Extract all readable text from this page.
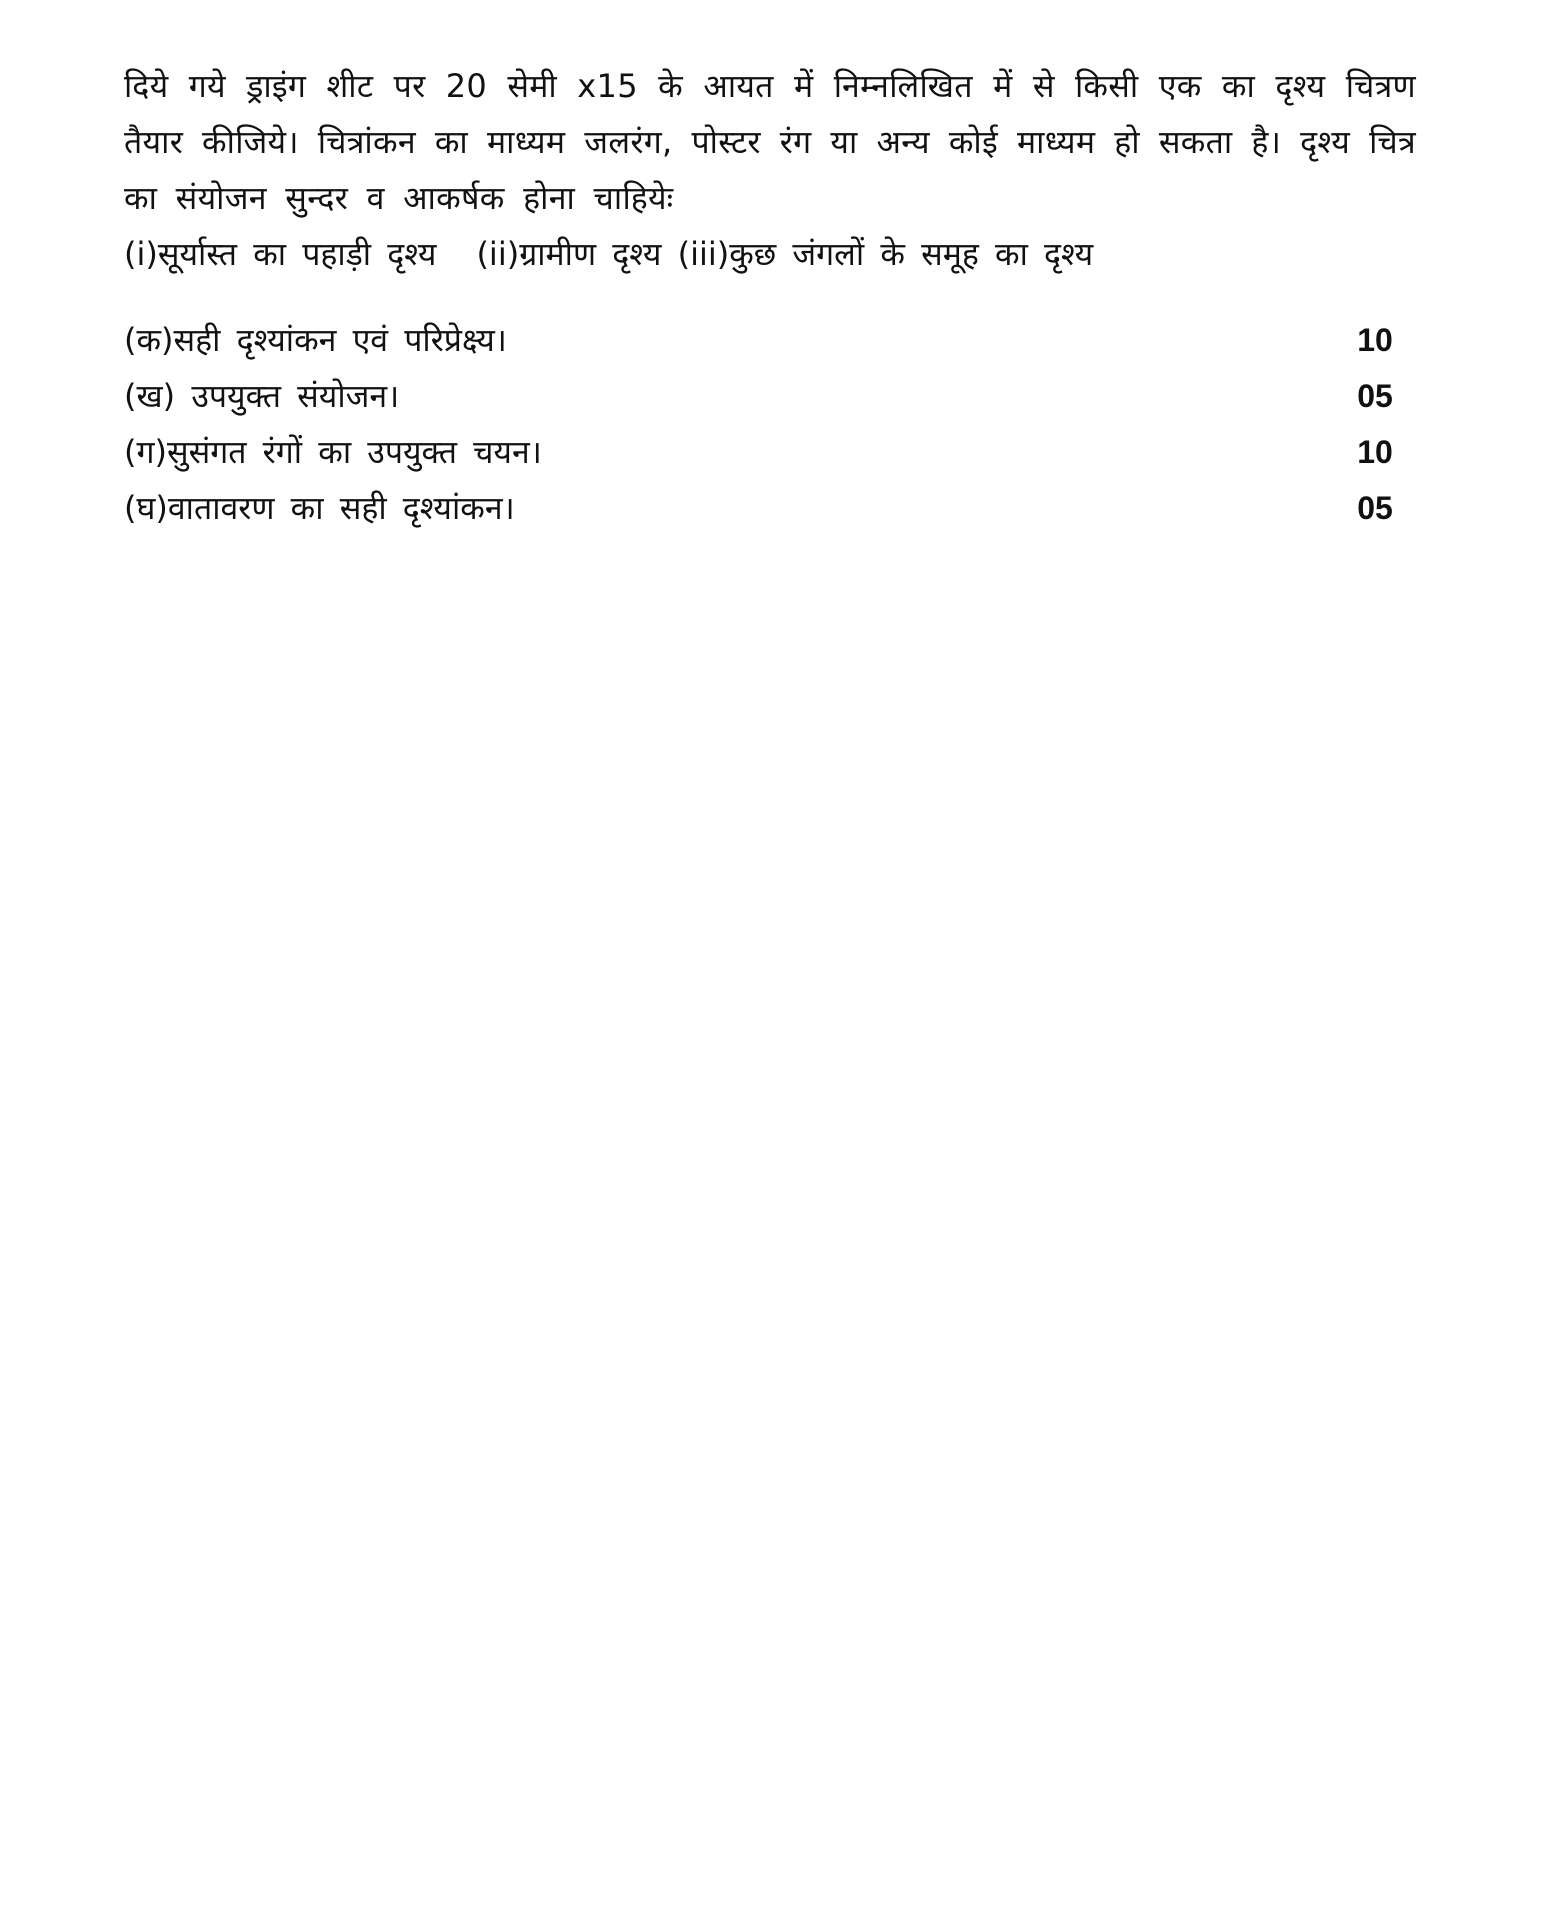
दिये गये ड्राइंग शीट पर 20 सेमी x15 के आयत में निम्नलिखित में से किसी एक का दृश्य चित्रण तैयार कीजिये। चित्रांकन का माध्यम जलरंग, पोस्टर रंग या अन्य कोई माध्यम हो सकता है। दृश्य चित्र का संयोजन सुन्दर व आकर्षक होना चाहियेः

(i)सूर्यास्त का पहाड़ी दृश्य (ii)ग्रामीण दृश्य (iii)कुछ जंगलों के समूह का दृश्य

(क)सही दृश्यांकन एवं परिप्रेक्ष्य।	10
(ख) उपयुक्त संयोजन।	05
(ग)सुसंगत रंगों का उपयुक्त चयन।	10
(घ)वातावरण का सही दृश्यांकन।	05
